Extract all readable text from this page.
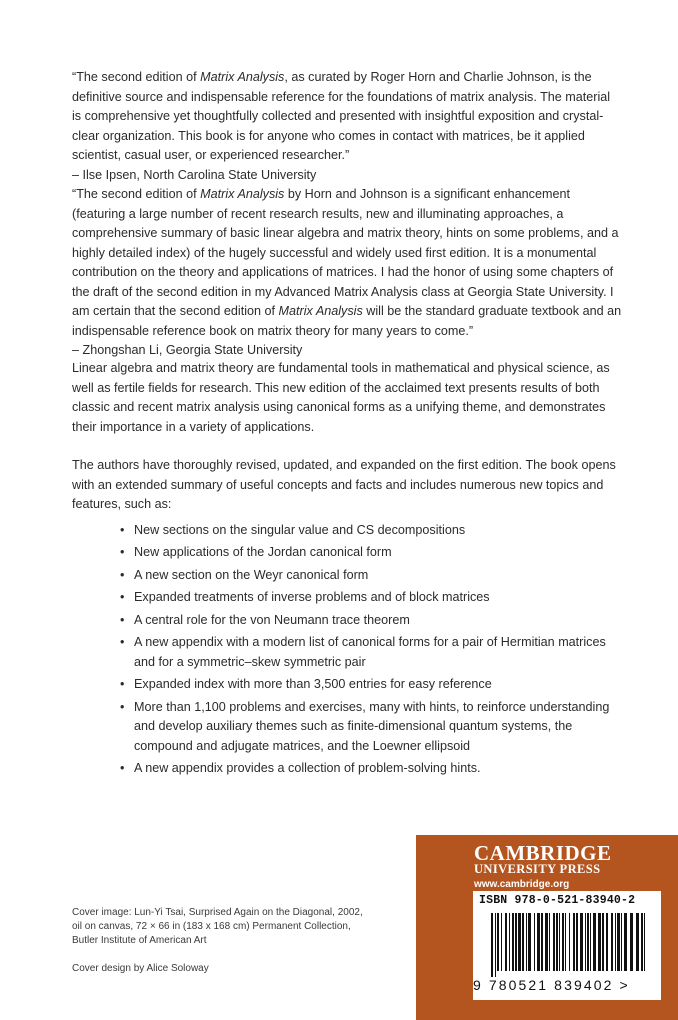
“The second edition of Matrix Analysis, as curated by Roger Horn and Charlie Johnson, is the definitive source and indispensable reference for the foundations of matrix analysis. The material is comprehensive yet thoughtfully collected and presented with insightful exposition and crystal-clear organization. This book is for anyone who comes in contact with matrices, be it applied scientist, casual user, or experienced researcher.”– Ilse Ipsen, North Carolina State University

“The second edition of Matrix Analysis by Horn and Johnson is a significant enhancement (featuring a large number of recent research results, new and illuminating approaches, a comprehensive summary of basic linear algebra and matrix theory, hints on some problems, and a highly detailed index) of the hugely successful and widely used first edition. It is a monumental contribution on the theory and applications of matrices. I had the honor of using some chapters of the draft of the second edition in my Advanced Matrix Analysis class at Georgia State University. I am certain that the second edition of Matrix Analysis will be the standard graduate textbook and an indispensable reference book on matrix theory for many years to come.”– Zhongshan Li, Georgia State University

Linear algebra and matrix theory are fundamental tools in mathematical and physical science, as well as fertile fields for research. This new edition of the acclaimed text presents results of both classic and recent matrix analysis using canonical forms as a unifying theme, and demonstrates their importance in a variety of applications.

The authors have thoroughly revised, updated, and expanded on the first edition. The book opens with an extended summary of useful concepts and facts and includes numerous new topics and features, such as:

• New sections on the singular value and CS decompositions
• New applications of the Jordan canonical form
• A new section on the Weyr canonical form
• Expanded treatments of inverse problems and of block matrices
• A central role for the von Neumann trace theorem
• A new appendix with a modern list of canonical forms for a pair of Hermitian matrices and for a symmetric–skew symmetric pair
• Expanded index with more than 3,500 entries for easy reference
• More than 1,100 problems and exercises, many with hints, to reinforce understanding and develop auxiliary themes such as finite-dimensional quantum systems, the compound and adjugate matrices, and the Loewner ellipsoid
• A new appendix provides a collection of problem-solving hints.

Cover image: Lun-Yi Tsai, Surprised Again on the Diagonal, 2002, oil on canvas, 72 × 66 in (183 x 168 cm) Permanent Collection, Butler Institute of American Art

Cover design by Alice Soloway

CAMBRIDGE
UNIVERSITY PRESS
www.cambridge.org
ISBN 978-0-521-83940-2
9 780521 839402 >
